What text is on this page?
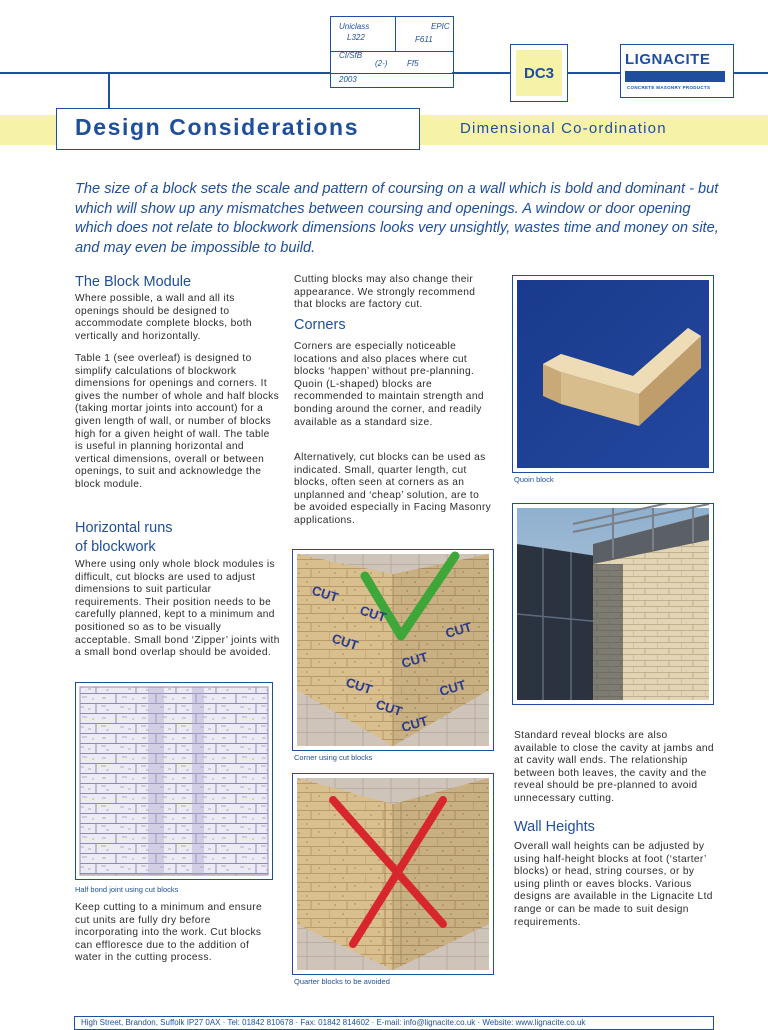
Uniclass
L322
EPIC
F611
CI/SfB
(2-) Ff5
2003	DC3
LIGNACITE
CONCRETE MASONRY PRODUCTS
Design Considerations	Dimensional Co-ordination
The size of a block sets the scale and pattern of coursing on a wall which is bold and dominant - but which will show up any mismatches between coursing and openings. A window or door opening which does not relate to blockwork dimensions looks very unsightly, wastes time and money on site, and may even be impossible to build.
The Block Module
Where possible, a wall and all its openings should be designed to accommodate complete blocks, both vertically and horizontally.
Table 1 (see overleaf) is designed to simplify calculations of blockwork dimensions for openings and corners. It gives the number of whole and half blocks (taking mortar joints into account) for a given length of wall, or number of blocks high for a given height of wall. The table is useful in planning horizontal and vertical dimensions, overall or between openings, to suit and acknowledge the block module.
Horizontal runs
of blockwork
Where using only whole block modules is difficult, cut blocks are used to adjust dimensions to suit particular requirements. Their position needs to be carefully planned, kept to a minimum and positioned so as to be visually acceptable. Small bond ‘Zipper’ joints with a small bond overlap should be avoided.
Half bond joint using cut blocks
Keep cutting to a minimum and ensure cut units are fully dry before incorporating into the work. Cut blocks can effloresce due to the addition of water in the cutting process.
Cutting blocks may also change their appearance. We strongly recommend that blocks are factory cut.
Corners
Corners are especially noticeable locations and also places where cut blocks ‘happen’ without pre-planning. Quoin (L-shaped) blocks are recommended to maintain strength and bonding around the corner, and readily available as a standard size.
Alternatively, cut blocks can be used as indicated. Small, quarter length, cut blocks, often seen at corners as an unplanned and ‘cheap’ solution, are to be avoided especially in Facing Masonry applications.
CUT
CUT
CUT
CUT
CUT
CUT
CUT
CUT
CUT
Corner using cut blocks
Quarter blocks to be avoided
Quoin block
Standard reveal blocks are also available to close the cavity at jambs and at cavity wall ends. The relationship between both leaves, the cavity and the reveal should be pre-planned to avoid unnecessary cutting.
Wall Heights
Overall wall heights can be adjusted by using half-height blocks at foot (‘starter’ blocks) or head, string courses, or by using plinth or eaves blocks. Various designs are available in the Lignacite Ltd range or can be made to suit design requirements.
High Street, Brandon, Suffolk IP27 0AX · Tel: 01842 810678 · Fax: 01842 814602 · E-mail: info@lignacite.co.uk · Website: www.lignacite.co.uk
